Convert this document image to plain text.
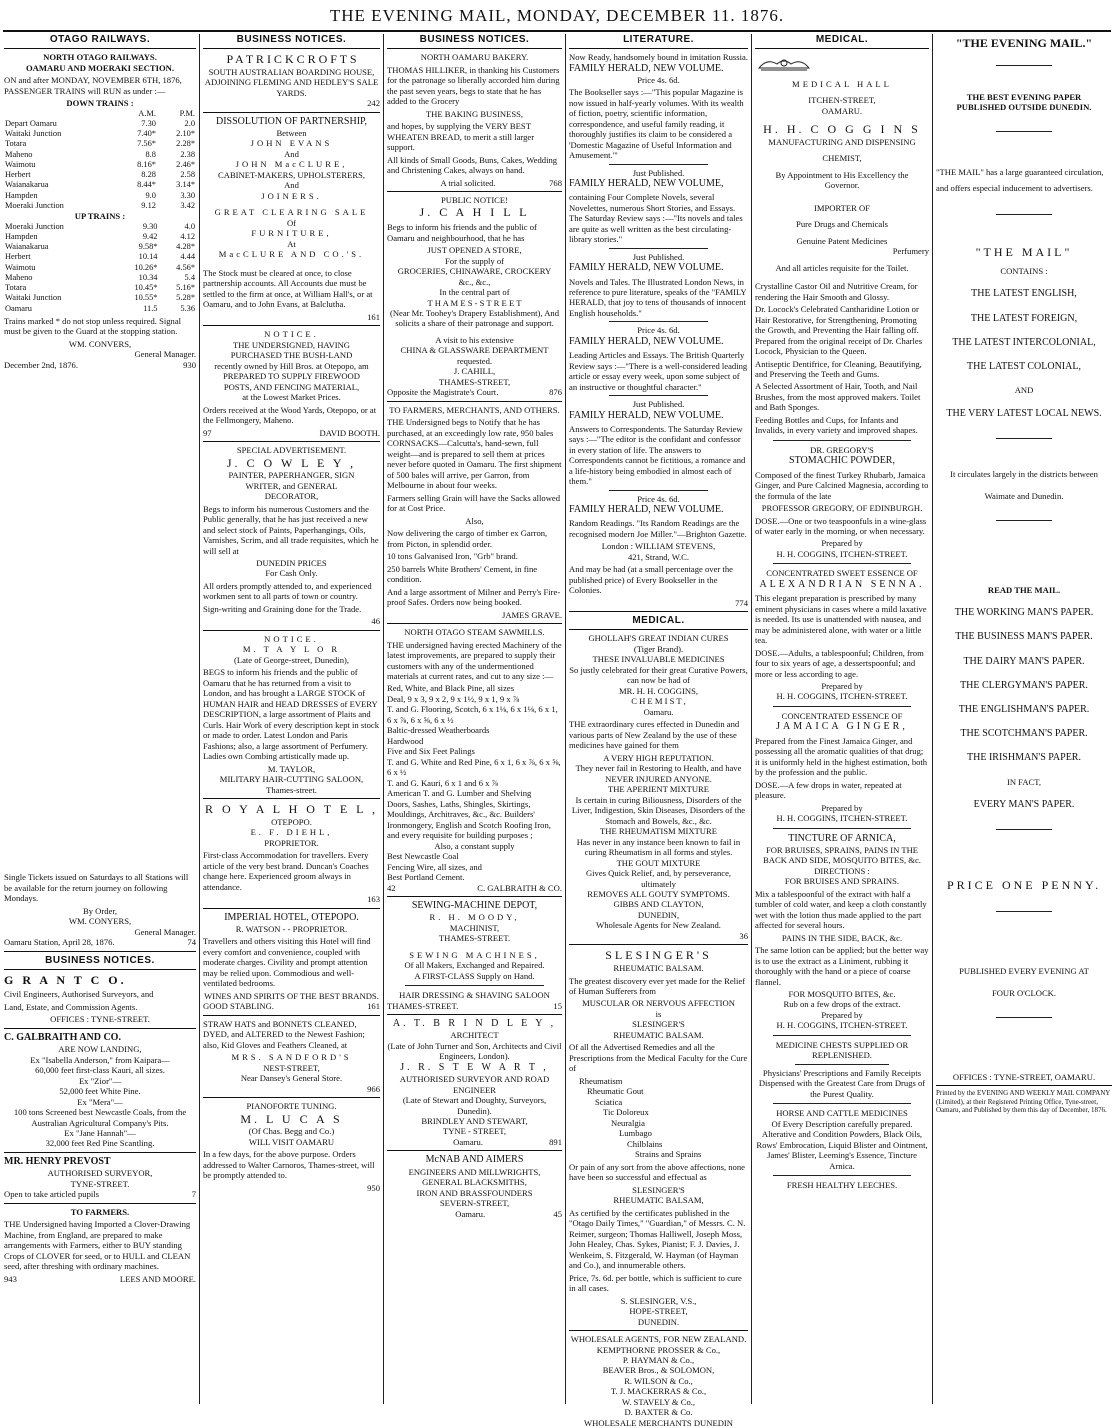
THE EVENING MAIL, MONDAY, DECEMBER 11. 1876.
OTAGO RAILWAYS.
NORTH OTAGO RAILWAYS.
OAMARU AND MOERAKI SECTION.
ON and after MONDAY, NOVEMBER 6TH, 1876, PASSENGER TRAINS will RUN as under :—
DOWN TRAINS :
	A.M.	P.M.
Depart Oamaru	7.30	2.0
Waitaki Junction	7.40*	2.10*
Totara	7.56*	2.28*
Maheno	8.8	2.38
Waimotu	8.16*	2.46*
Herbert	8.28	2.58
Waianakarua	8.44*	3.14*
Hampden	9.0	3.30
Moeraki Junction	9.12	3.42
UP TRAINS :
Moeraki Junction	9.30	4.0
Hampden	9.42	4.12
Waianakarua	9.58*	4.28*
Herbert	10.14	4.44
Waimotu	10.26*	4.56*
Maheno	10.34	5.4
Totara	10.45*	5.16*
Waitaki Junction	10.55*	5.28*
Oamaru	11.5	5.36
Trains marked * do not stop unless required. Signal must be given to the Guard at the stopping station.
WM. CONVERS,
General Manager.
December 2nd, 1876.	930
Single Tickets issued on Saturdays to all Stations will be available for the return journey on following Mondays.
By Order,
WM. CONYERS,
General Manager.
Oamaru Station, April 28, 1876.	74
BUSINESS NOTICES.
G R A N T C O.
Civil Engineers, Authorised Surveyors, and
Land, Estate, and Commission Agents.
OFFICES : TYNE-STREET.
C. GALBRAITH AND CO.
ARE NOW LANDING,
Ex "Isabella Anderson," from Kaipara—
60,000 feet first-class Kauri, all sizes.
Ex "Zior"—
52,000 feet White Pine.
Ex "Mera"—
100 tons Screened best Newcastle Coals, from the Australian Agricultural Company's Pits.
Ex "Jane Hannah"—
32,000 feet Red Pine Scantling.
MR. HENRY PREVOST
AUTHORISED SURVEYOR,
TYNE-STREET.
Open to take articled pupils	7
TO FARMERS.
THE Undersigned having Imported a Clover-Drawing Machine, from England, are prepared to make arrangements with Farmers, either to BUY standing Crops of CLOVER for seed, or to HULL and CLEAN seed, after threshing with ordinary machines.
943	LEES AND MOORE.
BUSINESS NOTICES.
P A T R I C K C R O F T S
SOUTH AUSTRALIAN BOARDING HOUSE,
ADJOINING FLEMING AND HEDLEY'S SALE YARDS.
242
DISSOLUTION OF PARTNERSHIP,
Between
JOHN EVANS
And
JOHN MacCLURE,
CABINET-MAKERS, UPHOLSTERERS,
And
JOINERS.
GREAT CLEARING SALE
Of
FURNITURE,
At
MacCLURE AND CO.'S.
The Stock must be cleared at once, to close partnership accounts. All Accounts due must be settled to the firm at once, at William Hall's, or at Oamaru, and to John Evans, at Balclutha.
161
NOTICE.
THE UNDERSIGNED, HAVING
PURCHASED THE BUSH-LAND
recently owned by Hill Bros. at Otepopo, am
PREPARED TO SUPPLY FIREWOOD
POSTS, AND FENCING MATERIAL,
at the Lowest Market Prices.
Orders received at the Wood Yards, Otepopo, or at the Fellmongery, Maheno.
97	DAVID BOOTH.
SPECIAL ADVERTISEMENT.
J. C O W L E Y ,
PAINTER, PAPERHANGER, SIGN
WRITER, and GENERAL
DECORATOR,
Begs to inform his numerous Customers and the Public generally, that he has just received a new and select stock of Paints, Paperhangings, Oils, Varnishes, Scrim, and all trade requisites, which he will sell at
DUNEDIN PRICES
For Cash Only.
All orders promptly attended to, and experienced workmen sent to all parts of town or country.
Sign-writing and Graining done for the Trade.
46
NOTICE.
M. T A Y L O R
(Late of George-street, Dunedin),
BEGS to inform his friends and the public of Oamaru that he has returned from a visit to London, and has brought a LARGE STOCK of HUMAN HAIR and HEAD DRESSES of EVERY DESCRIPTION, a large assortment of Plaits and Curls. Hair Work of every description kept in stock or made to order. Latest London and Paris Fashions; also, a large assortment of Perfumery. Ladies own Combing artistically made up.
M. TAYLOR,
MILITARY HAIR-CUTTING SALOON,
Thames-street.
R O Y A L H O T E L ,
OTEPOPO.
E. F. DIEHL,
PROPRIETOR.
First-class Accommodation for travellers. Every article of the very best brand. Duncan's Coaches change here. Experienced groom always in attendance.
163
IMPERIAL HOTEL, OTEPOPO.
R. WATSON - - PROPRIETOR.
Travellers and others visiting this Hotel will find every comfort and convenience, coupled with moderate charges. Civility and prompt attention may be relied upon. Commodious and well-ventilated bedrooms.
WINES AND SPIRITS OF THE BEST BRANDS.
GOOD STABLING.	161
STRAW HATS and BONNETS CLEANED, DYED, and ALTERED to the Newest Fashion; also, Kid Gloves and Feathers Cleaned, at
MRS. SANDFORD'S
NEST-STREET,
Near Dansey's General Store.
966
PIANOFORTE TUNING.
M. L U C A S
(Of Chas. Begg and Co.)
WILL VISIT OAMARU
In a few days, for the above purpose. Orders addressed to Walter Carnoros, Thames-street, will be promptly attended to.
950
BUSINESS NOTICES.
NORTH OAMARU BAKERY.
THOMAS HILLIKER, in thanking his Customers for the patronage so liberally accorded him during the past seven years, begs to state that he has added to the Grocery
THE BAKING BUSINESS,
and hopes, by supplying the VERY BEST WHEATEN BREAD, to merit a still larger support.
All kinds of Small Goods, Buns, Cakes, Wedding and Christening Cakes, always on hand.
A trial solicited.	768
PUBLIC NOTICE!
J. C A H I L L
Begs to inform his friends and the public of Oamaru and neighbourhood, that he has
JUST OPENED A STORE,
For the supply of
GROCERIES, CHINAWARE, CROCKERY
&c., &c.,
In the central part of
T H A M E S - S T R E E T
(Near Mr. Toohey's Drapery Establishment), And solicits a share of their patronage and support.
A visit to his extensive
CHINA & GLASSWARE DEPARTMENT
requested.
J. CAHILL,
THAMES-STREET,
Opposite the Magistrate's Court.	876
TO FARMERS, MERCHANTS, AND OTHERS.
THE Undersigned begs to Notify that he has purchased, at an exceedingly low rate, 950 bales CORNSACKS—Calcutta's, hand-sewn, full weight—and is prepared to sell them at prices never before quoted in Oamaru. The first shipment of 500 bales will arrive, per Garron, from Melbourne in about four weeks.
Farmers selling Grain will have the Sacks allowed for at Cost Price.
Also,
Now delivering the cargo of timber ex Garron, from Picton, in splendid order.
10 tons Galvanised Iron, "Grb" brand.
250 barrels White Brothers' Cement, in fine condition.
And a large assortment of Milner and Perry's Fire-proof Safes. Orders now being booked.
JAMES GRAVE.
NORTH OTAGO STEAM SAWMILLS.
THE undersigned having erected Machinery of the latest improvements, are prepared to supply their customers with any of the undermentioned materials at current rates, and cut to any size :—
Red, White, and Black Pine, all sizes
Deal, 9 x 3, 9 x 2, 9 x 1½, 9 x 1, 9 x ⅞
T. and G. Flooring, Scotch, 6 x 1⅛, 6 x 1⅛, 6 x 1, 6 x ⅞, 6 x ⅝, 6 x ½
Baltic-dressed Weatherboards
Hardwood
Five and Six Feet Palings
T. and G. White and Red Pine, 6 x 1, 6 x ⅞, 6 x ⅝, 6 x ½
T. and G. Kauri, 6 x 1 and 6 x ⅞
American T. and G. Lumber and Shelving
Doors, Sashes, Laths, Shingles, Skirtings, Mouldings, Architraves, &c., &c. Builders' Ironmongery, English and Scotch Roofing Iron, and every requisite for building purposes ;
Also, a constant supply
Best Newcastle Coal
Fencing Wire, all sizes, and
Best Portland Cement.
42	C. GALBRAITH & CO.
SEWING-MACHINE DEPOT,
R. H. MOODY,
MACHINIST,
THAMES-STREET.
SEWING MACHINES,
Of all Makers, Exchanged and Repaired.
A FIRST-CLASS Supply on Hand.
HAIR DRESSING & SHAVING SALOON
THAMES-STREET.	15
A. T. B R I N D L E Y ,
ARCHITECT
(Late of John Turner and Son, Architects and Civil Engineers, London).
J. R. S T E W A R T ,
AUTHORISED SURVEYOR AND ROAD ENGINEER
(Late of Stewart and Doughty, Surveyors, Dunedin).
BRINDLEY AND STEWART,
TYNE - STREET,
Oamaru.	891
McNAB AND AIMERS
ENGINEERS AND MILLWRIGHTS,
GENERAL BLACKSMITHS,
IRON AND BRASSFOUNDERS
SEVERN-STREET,
Oamaru.	45
LITERATURE.
Now Ready, handsomely bound in imitation Russia.
FAMILY HERALD, NEW VOLUME.
Price 4s. 6d.
The Bookseller says :—"This popular Magazine is now issued in half-yearly volumes. With its wealth of fiction, poetry, scientific information, correspondence, and useful family reading, it thoroughly justifies its claim to be considered a 'Domestic Magazine of Useful Information and Amusement.'"
Just Published.
FAMILY HERALD, NEW VOLUME,
containing Four Complete Novels, several Novelettes, numerous Short Stories, and Essays. The Saturday Review says :—"Its novels and tales are quite as well written as the best circulating-library stories."
Just Published.
FAMILY HERALD, NEW VOLUME.
Novels and Tales. The Illustrated London News, in reference to pure literature, speaks of the "FAMILY HERALD, that joy to tens of thousands of innocent English households."
Price 4s. 6d.
FAMILY HERALD, NEW VOLUME.
Leading Articles and Essays. The British Quarterly Review says :—"There is a well-considered leading article or essay every week, upon some subject of an instructive or thoughtful character."
Just Published.
FAMILY HERALD, NEW VOLUME.
Answers to Correspondents. The Saturday Review says :—"The editor is the confidant and confessor in every station of life. The answers to Correspondents cannot be fictitious, a romance and a life-history being embodied in almost each of them."
Price 4s. 6d.
FAMILY HERALD, NEW VOLUME.
Random Readings. "Its Random Readings are the recognised modern Joe Miller."—Brighton Gazette.
London : WILLIAM STEVENS,
421, Strand, W.C.
And may be had (at a small percentage over the published price) of Every Bookseller in the Colonies.
774
MEDICAL.
GHOLLAH'S GREAT INDIAN CURES
(Tiger Brand).
THESE INVALUABLE MEDICINES
So justly celebrated for their great Curative Powers, can now be had of
MR. H. H. COGGINS,
C H E M I S T ,
Oamaru.
THE extraordinary cures effected in Dunedin and various parts of New Zealand by the use of these medicines have gained for them
A VERY HIGH REPUTATION.
They never fail in Restoring to Health, and have
NEVER INJURED ANYONE.
THE APERIENT MIXTURE
Is certain in curing Biliousness, Disorders of the Liver, Indigestion, Skin Diseases, Disorders of the Stomach and Bowels, &c., &c.
THE RHEUMATISM MIXTURE
Has never in any instance been known to fail in curing Rheumatism in all forms and styles.
THE GOUT MIXTURE
Gives Quick Relief, and, by perseverance, ultimately
REMOVES ALL GOUTY SYMPTOMS.
GIBBS AND CLAYTON,
DUNEDIN,
Wholesale Agents for New Zealand.
36
SLESINGER'S
RHEUMATIC BALSAM.
The greatest discovery ever yet made for the Relief of Human Sufferers from
MUSCULAR OR NERVOUS AFFECTION
is
SLESINGER'S
RHEUMATIC BALSAM.
Of all the Advertised Remedies and all the Prescriptions from the Medical Faculty for the Cure of
Rheumatism
Rheumatic Gout
Sciatica
Tic Doloreux
Neuralgia
Lumbago
Chilblains
Strains and Sprains
Or pain of any sort from the above affections, none have been so successful and effectual as
SLESINGER'S
RHEUMATIC BALSAM,
As certified by the certificates published in the "Otago Daily Times," "Guardian," of Messrs. C. N. Reimer, surgeon; Thomas Halliwell, Joseph Moss, John Healey, Chas. Sykes, Pianist; F. J. Davies, J. Wenkeim, S. Fitzgerald, W. Hayman (of Hayman and Co.), and innumerable others.
Price, 7s. 6d. per bottle, which is sufficient to cure in all cases.
S. SLESINGER, V.S.,
HOPE-STREET,
DUNEDIN.
WHOLESALE AGENTS, FOR NEW ZEALAND.
KEMPTHORNE PROSSER & Co.,
P. HAYMAN & Co.,
BEAVER Bros., & SOLOMON,
R. WILSON & Co.,
T. J. MACKERRAS & Co.,
W. STAVELY & Co.,
D. BAXTER & Co.
WHOLESALE MERCHANTS DUNEDIN
MEDICAL.
MEDICAL HALL
ITCHEN-STREET,
OAMARU.
H. H. C O G G I N S
MANUFACTURING AND DISPENSING
CHEMIST,
By Appointment to His Excellency the
Governor.
IMPORTER OF
Pure Drugs and Chemicals
Genuine Patent Medicines
Perfumery
And all articles requisite for the Toilet.
Crystalline Castor Oil and Nutritive Cream, for rendering the Hair Smooth and Glossy.
Dr. Locock's Celebrated Cantharidine Lotion or Hair Restorative, for Strengthening, Promoting the Growth, and Preventing the Hair falling off. Prepared from the original receipt of Dr. Charles Locock, Physician to the Queen.
Antiseptic Dentifrice, for Cleaning, Beautifying, and Preserving the Teeth and Gums.
A Selected Assortment of Hair, Tooth, and Nail Brushes, from the most approved makers. Toilet and Bath Sponges.
Feeding Bottles and Cups, for Infants and Invalids, in every variety and improved shapes.
DR. GREGORY'S
STOMACHIC POWDER,
Composed of the finest Turkey Rhubarb, Jamaica Ginger, and Pure Calcined Magnesia, according to the formula of the late
PROFESSOR GREGORY, OF EDINBURGH.
DOSE.—One or two teaspoonfuls in a wine-glass of water early in the morning, or when necessary.
Prepared by
H. H. COGGINS, ITCHEN-STREET.
CONCENTRATED SWEET ESSENCE OF
ALEXANDRIAN SENNA.
This elegant preparation is prescribed by many eminent physicians in cases where a mild laxative is needed. Its use is unattended with nausea, and may be administered alone, with water or a little tea.
DOSE.—Adults, a tablespoonful; Children, from four to six years of age, a dessertspoonful; and more or less according to age.
Prepared by
H. H. COGGINS, ITCHEN-STREET.
CONCENTRATED ESSENCE OF
JAMAICA GINGER,
Prepared from the Finest Jamaica Ginger, and possessing all the aromatic qualities of that drug; it is uniformly held in the highest estimation, both by the profession and the public.
DOSE.—A few drops in water, repeated at pleasure.
Prepared by
H. H. COGGINS, ITCHEN-STREET.
TINCTURE OF ARNICA,
FOR BRUISES, SPRAINS, PAINS IN THE BACK AND SIDE, MOSQUITO BITES, &c.
DIRECTIONS :
FOR BRUISES AND SPRAINS.
Mix a tablespoonful of the extract with half a tumbler of cold water, and keep a cloth constantly wet with the lotion thus made applied to the part affected for several hours.
PAINS IN THE SIDE, BACK, &c.
The same lotion can be applied; but the better way is to use the extract as a Liniment, rubbing it thoroughly with the hand or a piece of coarse flannel.
FOR MOSQUITO BITES, &c.
Rub on a few drops of the extract.
Prepared by
H. H. COGGINS, ITCHEN-STREET.
MEDICINE CHESTS SUPPLIED OR REPLENISHED.
Physicians' Prescriptions and Family Receipts Dispensed with the Greatest Care from Drugs of the Purest Quality.
HORSE AND CATTLE MEDICINES
Of Every Description carefully prepared. Alterative and Condition Powders, Black Oils, Rows' Embrocation, Liquid Blister and Ointment, James' Blister, Leeming's Essence, Tincture Arnica.
FRESH HEALTHY LEECHES.
"THE EVENING MAIL."
THE BEST EVENING PAPER
PUBLISHED OUTSIDE DUNEDIN.
"THE MAIL" has a large guaranteed circulation, and offers especial inducement to advertisers.
"THE MAIL"
CONTAINS :
THE LATEST ENGLISH,
THE LATEST FOREIGN,
THE LATEST INTERCOLONIAL,
THE LATEST COLONIAL,
AND
THE VERY LATEST LOCAL NEWS.
It circulates largely in the districts between
Waimate and Dunedin.
READ THE MAIL.
THE WORKING MAN'S PAPER.
THE BUSINESS MAN'S PAPER.
THE DAIRY MAN'S PAPER.
THE CLERGYMAN'S PAPER.
THE ENGLISHMAN'S PAPER.
THE SCOTCHMAN'S PAPER.
THE IRISHMAN'S PAPER.
IN FACT,
EVERY MAN'S PAPER.
PRICE ONE PENNY.
PUBLISHED EVERY EVENING AT
FOUR O'CLOCK.
OFFICES : TYNE-STREET, OAMARU.
Printed by the EVENING AND WEEKLY MAIL COMPANY (Limited), at their Registered Printing Office, Tyne-street, Oamaru, and Published by them this day of December, 1876.
